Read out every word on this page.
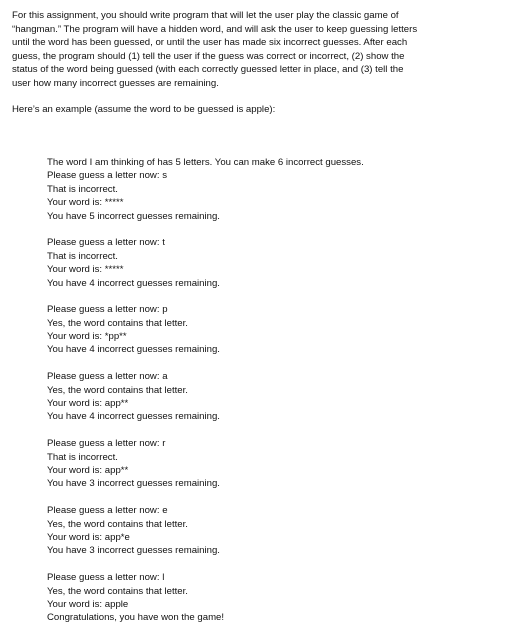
For this assignment, you should write program that will let the user play the classic game of
“hangman.” The program will have a hidden word, and will ask the user to keep guessing letters
until the word has been guessed, or until the user has made six incorrect guesses. After each
guess, the program should (1) tell the user if the guess was correct or incorrect, (2) show the
status of the word being guessed (with each correctly guessed letter in place, and (3) tell the
user how many incorrect guesses are remaining.
Here’s an example (assume the word to be guessed is apple):
The word I am thinking of has 5 letters. You can make 6 incorrect guesses.
Please guess a letter now: s
That is incorrect.
Your word is: *****
You have 5 incorrect guesses remaining.
Please guess a letter now: t
That is incorrect.
Your word is: *****
You have 4 incorrect guesses remaining.
Please guess a letter now: p
Yes, the word contains that letter.
Your word is: *pp**
You have 4 incorrect guesses remaining.
Please guess a letter now: a
Yes, the word contains that letter.
Your word is: app**
You have 4 incorrect guesses remaining.
Please guess a letter now: r
That is incorrect.
Your word is: app**
You have 3 incorrect guesses remaining.
Please guess a letter now: e
Yes, the word contains that letter.
Your word is: app*e
You have 3 incorrect guesses remaining.
Please guess a letter now: l
Yes, the word contains that letter.
Your word is: apple
Congratulations, you have won the game!
